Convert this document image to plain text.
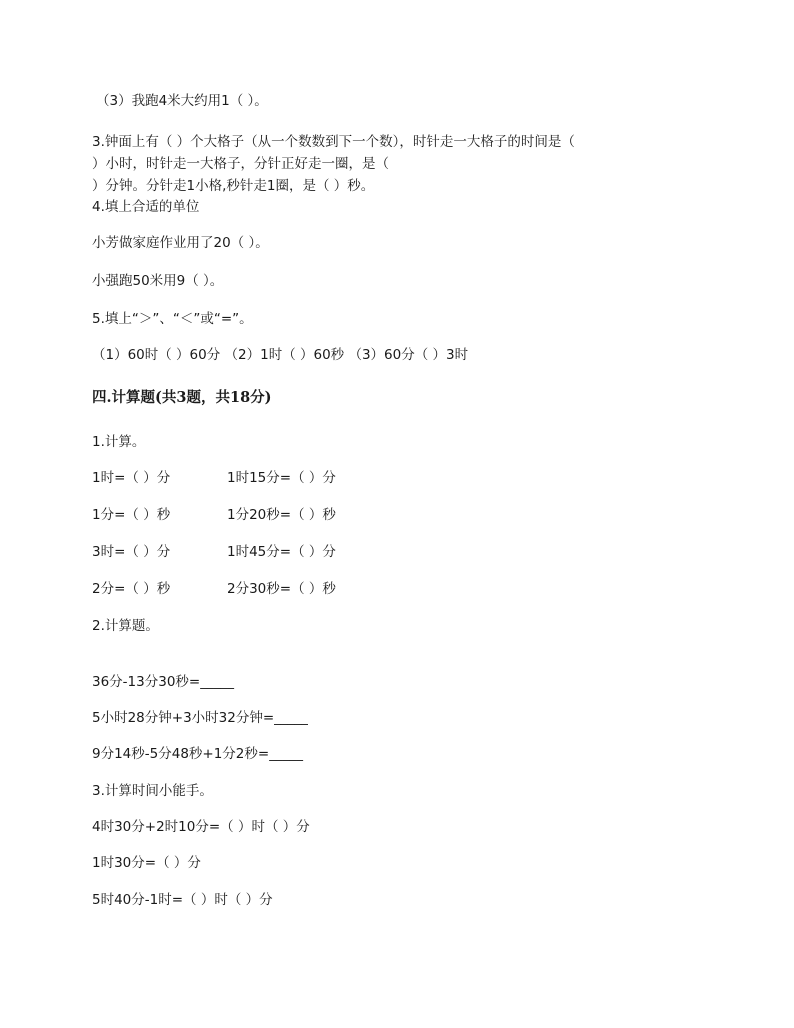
（3）我跑4米大约用1（ ）。
3.钟面上有（ ）个大格子（从一个数数到下一个数），时针走一大格子的时间是（
）小时，时针走一大格子，分针正好走一圈，是（
）分钟。分针走1小格,秒针走1圈，是（ ）秒。
4.填上合适的单位
小芳做家庭作业用了20（ ）。
小强跑50米用9（ ）。
5.填上“＞”、“＜”或“=”。
（1）60时（ ）60分 （2）1时（ ）60秒 （3）60分（ ）3时
四.计算题(共3题，共18分)
1.计算。
1时=（ ）分	1时15分=（ ）分
1分=（ ）秒	1分20秒=（ ）秒
3时=（ ）分	1时45分=（ ）分
2分=（ ）秒	2分30秒=（ ）秒
2.计算题。
36分-13分30秒=_____
5小时28分钟+3小时32分钟=_____
9分14秒-5分48秒+1分2秒=_____
3.计算时间小能手。
4时30分+2时10分=（ ）时（ ）分
1时30分=（ ）分
5时40分-1时=（ ）时（ ）分
